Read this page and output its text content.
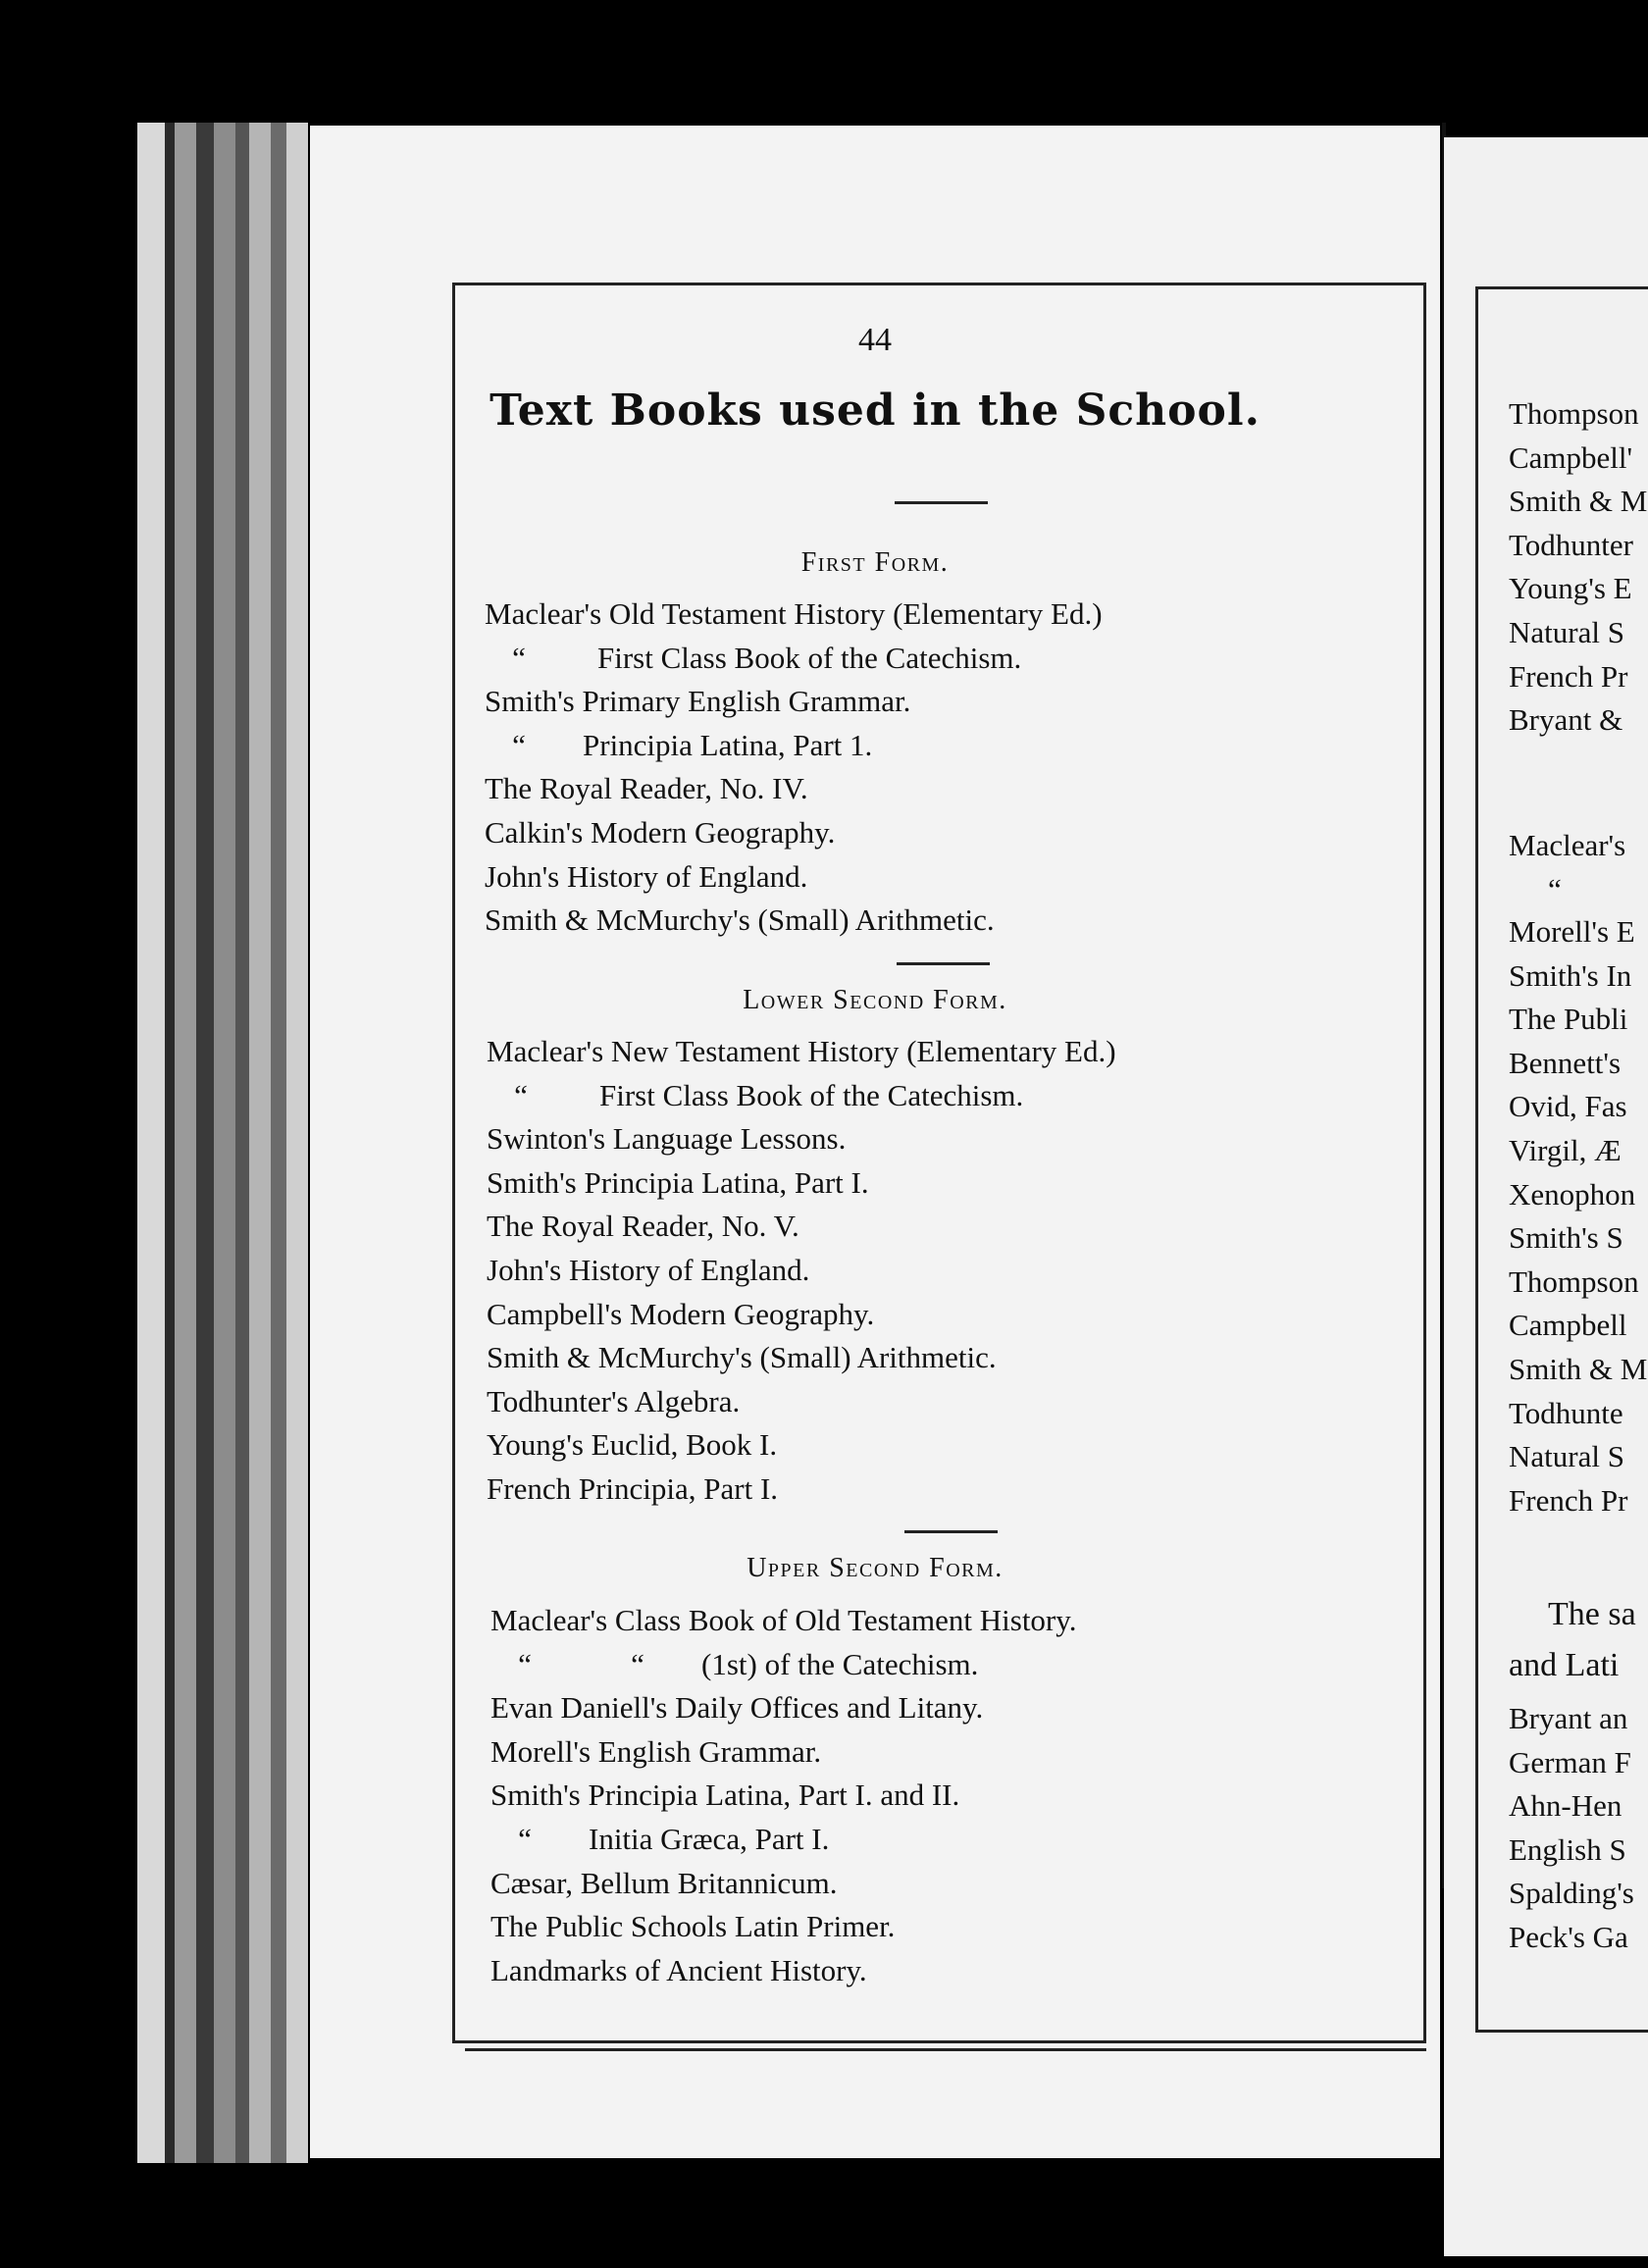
44
Text Books used in the School.
First Form.
Maclear's Old Testament History (Elementary Ed.)
“ First Class Book of the Catechism.
Smith's Primary English Grammar.
“ Principia Latina, Part 1.
The Royal Reader, No. IV.
Calkin's Modern Geography.
John's History of England.
Smith & McMurchy's (Small) Arithmetic.
Lower Second Form.
Maclear's New Testament History (Elementary Ed.)
“ First Class Book of the Catechism.
Swinton's Language Lessons.
Smith's Principia Latina, Part I.
The Royal Reader, No. V.
John's History of England.
Campbell's Modern Geography.
Smith & McMurchy's (Small) Arithmetic.
Todhunter's Algebra.
Young's Euclid, Book I.
French Principia, Part I.
Upper Second Form.
Maclear's Class Book of Old Testament History.
“	“ (1st) of the Catechism.
Evan Daniell's Daily Offices and Litany.
Morell's English Grammar.
Smith's Principia Latina, Part I. and II.
“ Initia Græca, Part I.
Cæsar, Bellum Britannicum.
The Public Schools Latin Primer.
Landmarks of Ancient History.
Thompson
Campbell'
Smith & M
Todhunter
Young's E
Natural S
French Pr
Bryant &
Maclear's
“
Morell's E
Smith's In
The Publi
Bennett's
Ovid, Fas
Virgil, Æ
Xenophon
Smith's S
Thompson
Campbell
Smith & M
Todhunte
Natural S
French Pr
The sa
and Lati
Bryant an
German F
Ahn-Hen
English S
Spalding's
Peck's Ga
